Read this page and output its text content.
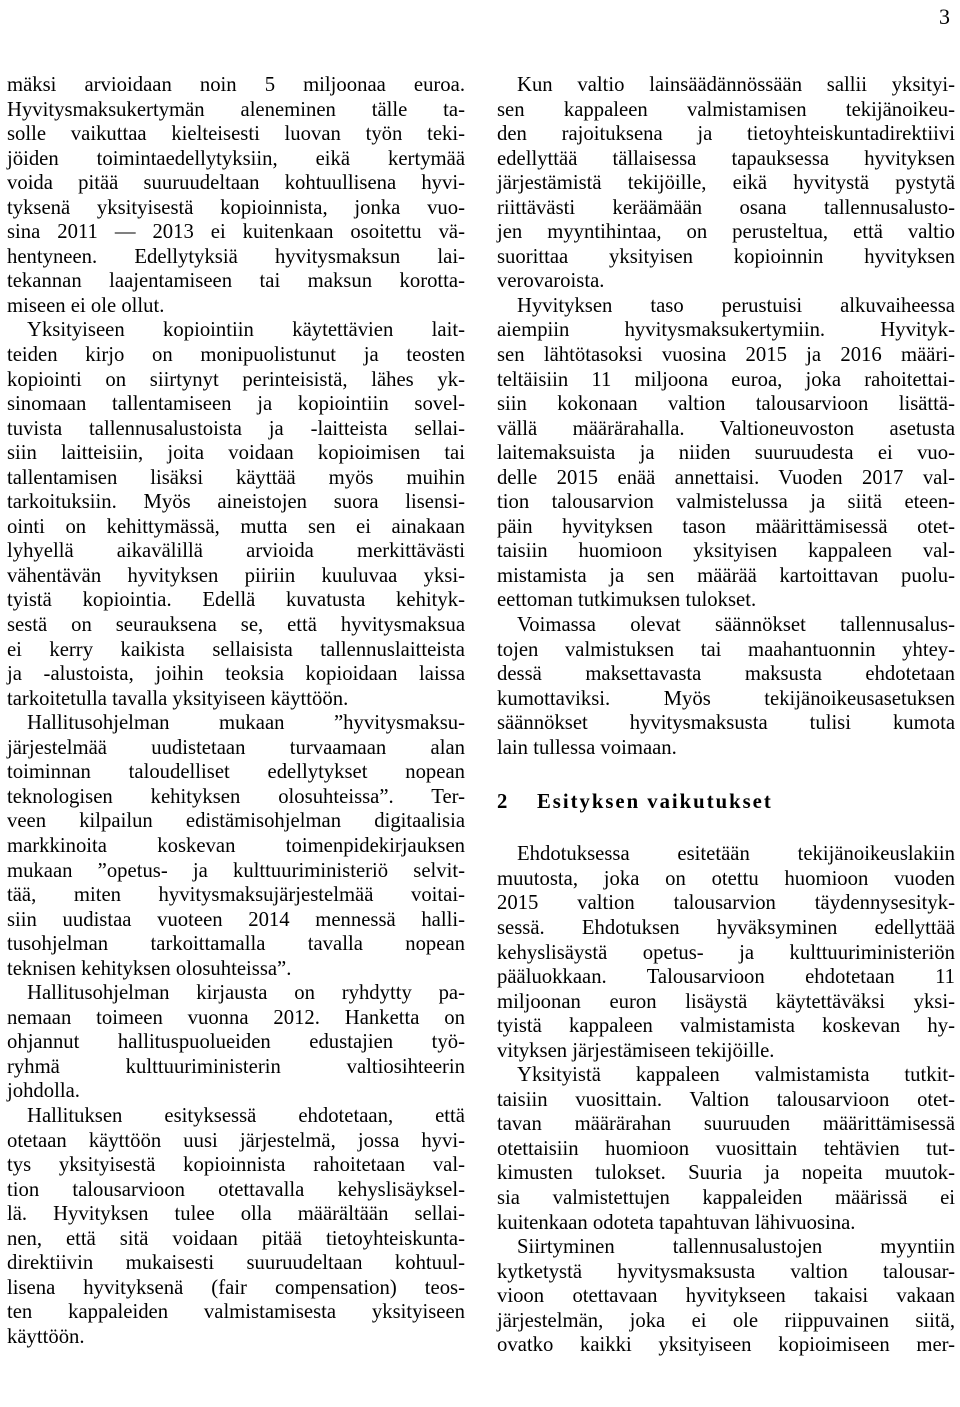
3
mäksi arvioidaan noin 5 miljoonaa euroa.
Hyvitysmaksukertymän aleneminen tälle ta-
solle vaikuttaa kielteisesti luovan työn teki-
jöiden toimintaedellytyksiin, eikä kertymää
voida pitää suuruudeltaan kohtuullisena hyvi-
tyksenä yksityisestä kopioinnista, jonka vuo-
sina 2011 — 2013 ei kuitenkaan osoitettu vä-
hentyneen. Edellytyksiä hyvitysmaksun lai-
tekannan laajentamiseen tai maksun korotta-
miseen ei ole ollut.
Yksityiseen kopiointiin käytettävien lait-
teiden kirjo on monipuolistunut ja teosten
kopiointi on siirtynyt perinteisistä, lähes yk-
sinomaan tallentamiseen ja kopiointiin sovel-
tuvista tallennusalustoista ja -laitteista sellai-
siin laitteisiin, joita voidaan kopioimisen tai
tallentamisen lisäksi käyttää myös muihin
tarkoituksiin. Myös aineistojen suora lisensi-
ointi on kehittymässä, mutta sen ei ainakaan
lyhyellä aikavälillä arvioida merkittävästi
vähentävän hyvityksen piiriin kuuluvaa yksi-
tyistä kopiointia. Edellä kuvatusta kehityk-
sestä on seurauksena se, että hyvitysmaksua
ei kerry kaikista sellaisista tallennuslaitteista
ja -alustoista, joihin teoksia kopioidaan laissa
tarkoitetulla tavalla yksityiseen käyttöön.
Hallitusohjelman mukaan ”hyvitysmaksu-
järjestelmää uudistetaan turvaamaan alan
toiminnan taloudelliset edellytykset nopean
teknologisen kehityksen olosuhteissa”. Ter-
veen kilpailun edistämisohjelman digitaalisia
markkinoita koskevan toimenpidekirjauksen
mukaan ”opetus- ja kulttuuriministeriö selvit-
tää, miten hyvitysmaksujärjestelmää voitai-
siin uudistaa vuoteen 2014 mennessä halli-
tusohjelman tarkoittamalla tavalla nopean
teknisen kehityksen olosuhteissa”.
Hallitusohjelman kirjausta on ryhdytty pa-
nemaan toimeen vuonna 2012. Hanketta on
ohjannut hallituspuolueiden edustajien työ-
ryhmä kulttuuriministerin valtiosihteerin
johdolla.
Hallituksen esityksessä ehdotetaan, että
otetaan käyttöön uusi järjestelmä, jossa hyvi-
tys yksityisestä kopioinnista rahoitetaan val-
tion talousarvioon otettavalla kehyslisäyksel-
lä. Hyvityksen tulee olla määrältään sellai-
nen, että sitä voidaan pitää tietoyhteiskunta-
direktiivin mukaisesti suuruudeltaan kohtuul-
lisena hyvityksenä (fair compensation) teos-
ten kappaleiden valmistamisesta yksityiseen
käyttöön.
Kun valtio lainsäädännössään sallii yksityi-
sen kappaleen valmistamisen tekijänoikeu-
den rajoituksena ja tietoyhteiskuntadirektiivi
edellyttää tällaisessa tapauksessa hyvityksen
järjestämistä tekijöille, eikä hyvitystä pystytä
riittävästi keräämään osana tallennusalusto-
jen myyntihintaa, on perusteltua, että valtio
suorittaa yksityisen kopioinnin hyvityksen
verovaroista.
Hyvityksen taso perustuisi alkuvaiheessa
aiempiin hyvitysmaksukertymiin. Hyvityk-
sen lähtötasoksi vuosina 2015 ja 2016 määri-
teltäisiin 11 miljoona euroa, joka rahoitettai-
siin kokonaan valtion talousarvioon lisättä-
vällä määrärahalla. Valtioneuvoston asetusta
laitemaksuista ja niiden suuruudesta ei vuo-
delle 2015 enää annettaisi. Vuoden 2017 val-
tion talousarvion valmistelussa ja siitä eteen-
päin hyvityksen tason määrittämisessä otet-
taisiin huomioon yksityisen kappaleen val-
mistamista ja sen määrää kartoittavan puolu-
eettoman tutkimuksen tulokset.
Voimassa olevat säännökset tallennusalus-
tojen valmistuksen tai maahantuonnin yhtey-
dessä maksettavasta maksusta ehdotetaan
kumottaviksi. Myös tekijänoikeusasetuksen
säännökset hyvitysmaksusta tulisi kumota
lain tullessa voimaan.
2 Esityksen vaikutukset
Ehdotuksessa esitetään tekijänoikeuslakiin
muutosta, joka on otettu huomioon vuoden
2015 valtion talousarvion täydennysesityk-
sessä. Ehdotuksen hyväksyminen edellyttää
kehyslisäystä opetus- ja kulttuuriministeriön
pääluokkaan. Talousarvioon ehdotetaan 11
miljoonan euron lisäystä käytettäväksi yksi-
tyistä kappaleen valmistamista koskevan hy-
vityksen järjestämiseen tekijöille.
Yksityistä kappaleen valmistamista tutkit-
taisiin vuosittain. Valtion talousarvioon otet-
tavan määrärahan suuruuden määrittämisessä
otettaisiin huomioon vuosittain tehtävien tut-
kimusten tulokset. Suuria ja nopeita muutok-
sia valmistettujen kappaleiden määrissä ei
kuitenkaan odoteta tapahtuvan lähivuosina.
Siirtyminen tallennusalustojen myyntiin
kytketystä hyvitysmaksusta valtion talousar-
vioon otettavaan hyvitykseen takaisi vakaan
järjestelmän, joka ei ole riippuvainen siitä,
ovatko kaikki yksityiseen kopioimiseen mer-
